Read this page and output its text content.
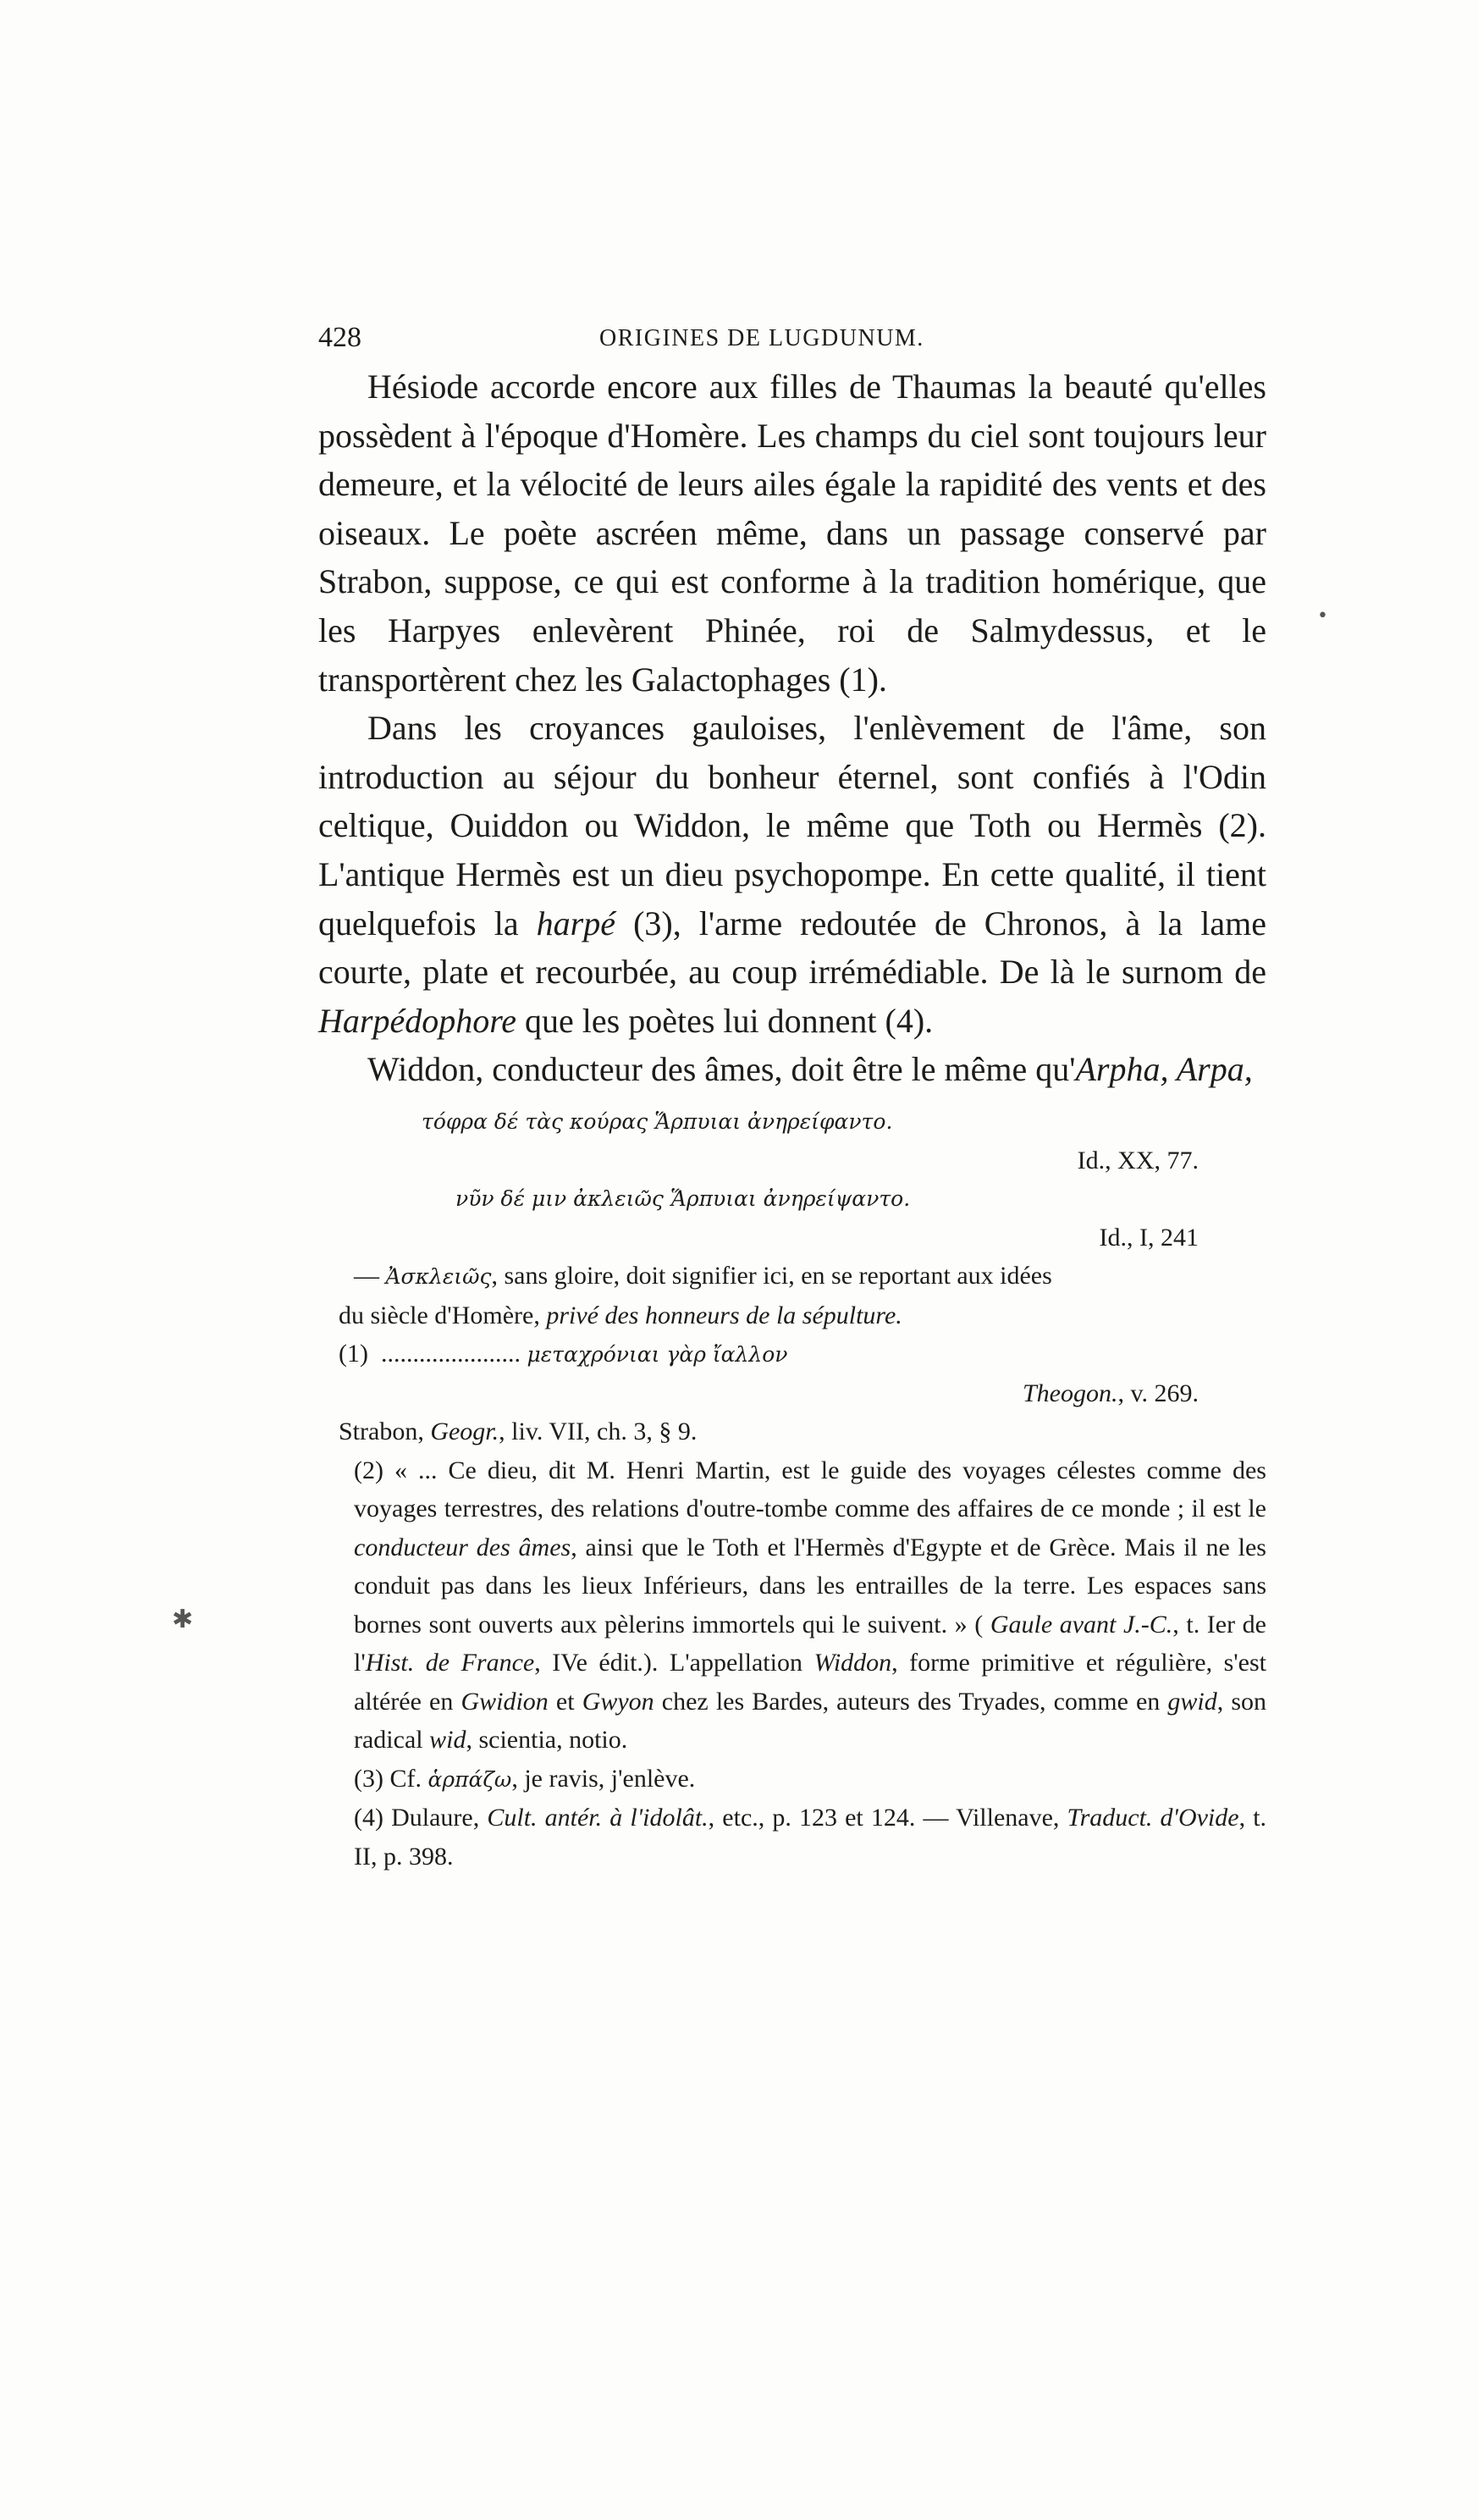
428	ORIGINES DE LUGDUNUM.

Hésiode accorde encore aux filles de Thaumas la beauté qu'elles possèdent à l'époque d'Homère. Les champs du ciel sont toujours leur demeure, et la vélocité de leurs ailes égale la rapidité des vents et des oiseaux. Le poète ascréen même, dans un passage conservé par Strabon, suppose, ce qui est conforme à la tradition homérique, que les Harpyes enlevèrent Phinée, roi de Salmydessus, et le transportèrent chez les Galactophages (1).

Dans les croyances gauloises, l'enlèvement de l'âme, son introduction au séjour du bonheur éternel, sont confiés à l'Odin celtique, Ouiddon ou Widdon, le même que Toth ou Hermès (2). L'antique Hermès est un dieu psychopompe. En cette qualité, il tient quelquefois la harpé (3), l'arme redoutée de Chronos, à la lame courte, plate et recourbée, au coup irrémédiable. De là le surnom de Harpédophore que les poètes lui donnent (4).

Widdon, conducteur des âmes, doit être le même qu'Arpha, Arpa,

τόφρα δέ τὰς κούρας Ἅρπυιαι ἀνηρείφαντο.
Id., XX, 77.
νῦν δέ μιν ἀκλειῶς Ἅρπυιαι ἀνηρείψαντο.
Id., I, 241
— Ἀσκλειῶς, sans gloire, doit signifier ici, en se reportant aux idées
du siècle d'Homère, privé des honneurs de la sépulture.
(1) ...................... μεταχρόνιαι γὰρ ἴαλλον
Theogon., v. 269.
Strabon, Geogr., liv. VII, ch. 3, § 9.
(2) « ... Ce dieu, dit M. Henri Martin, est le guide des voyages célestes comme des voyages terrestres, des relations d'outre-tombe comme des affaires de ce monde ; il est le conducteur des âmes, ainsi que le Toth et l'Hermès d'Egypte et de Grèce. Mais il ne les conduit pas dans les lieux Inférieurs, dans les entrailles de la terre. Les espaces sans bornes sont ouverts aux pèlerins immortels qui le suivent. » ( Gaule avant J.-C., t. Ier de l'Hist. de France, IVe édit.). L'appellation Widdon, forme primitive et régulière, s'est altérée en Gwidion et Gwyon chez les Bardes, auteurs des Tryades, comme en gwid, son radical wid, scientia, notio.
(3) Cf. ἁρπάζω, je ravis, j'enlève.
(4) Dulaure, Cult. antér. à l'idolât., etc., p. 123 et 124. — Villenave, Traduct. d'Ovide, t. II, p. 398.
•
✱
